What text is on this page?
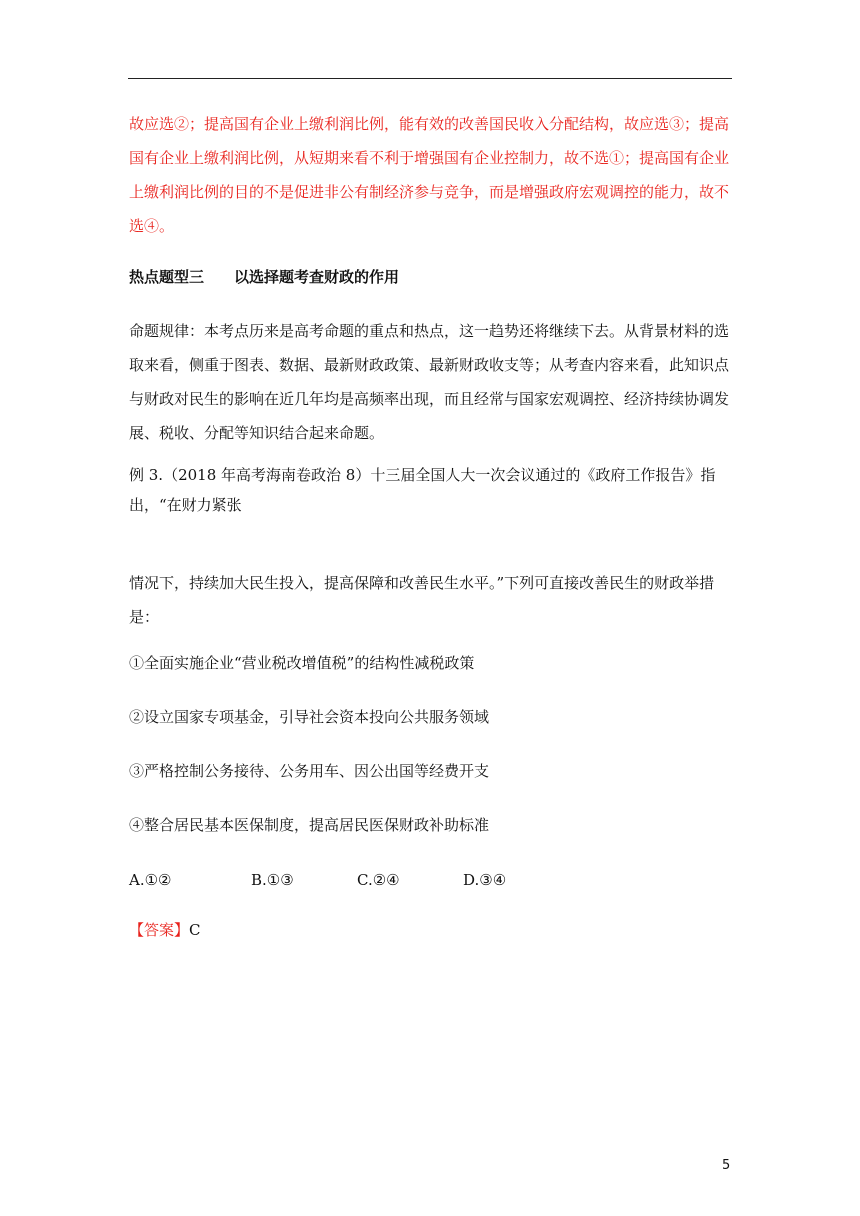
故应选②；提高国有企业上缴利润比例，能有效的改善国民收入分配结构，故应选③；提高国有企业上缴利润比例，从短期来看不利于增强国有企业控制力，故不选①；提高国有企业上缴利润比例的目的不是促进非公有制经济参与竞争，而是增强政府宏观调控的能力，故不选④。

热点题型三　　以选择题考查财政的作用

命题规律：本考点历来是高考命题的重点和热点，这一趋势还将继续下去。从背景材料的选取来看，侧重于图表、数据、最新财政政策、最新财政收支等；从考查内容来看，此知识点与财政对民生的影响在近几年均是高频率出现，而且经常与国家宏观调控、经济持续协调发展、税收、分配等知识结合起来命题。

例 3.（2018 年高考海南卷政治 8）十三届全国人大一次会议通过的《政府工作报告》指出，“在财力紧张

情况下，持续加大民生投入，提高保障和改善民生水平。”下列可直接改善民生的财政举措是：

①全面实施企业“营业税改增值税”的结构性减税政策

②设立国家专项基金，引导社会资本投向公共服务领域

③严格控制公务接待、公务用车、因公出国等经费开支

④整合居民基本医保制度，提高居民医保财政补助标准

A.①②	B.①③	C.②④	D.③④
【答案】C
5
